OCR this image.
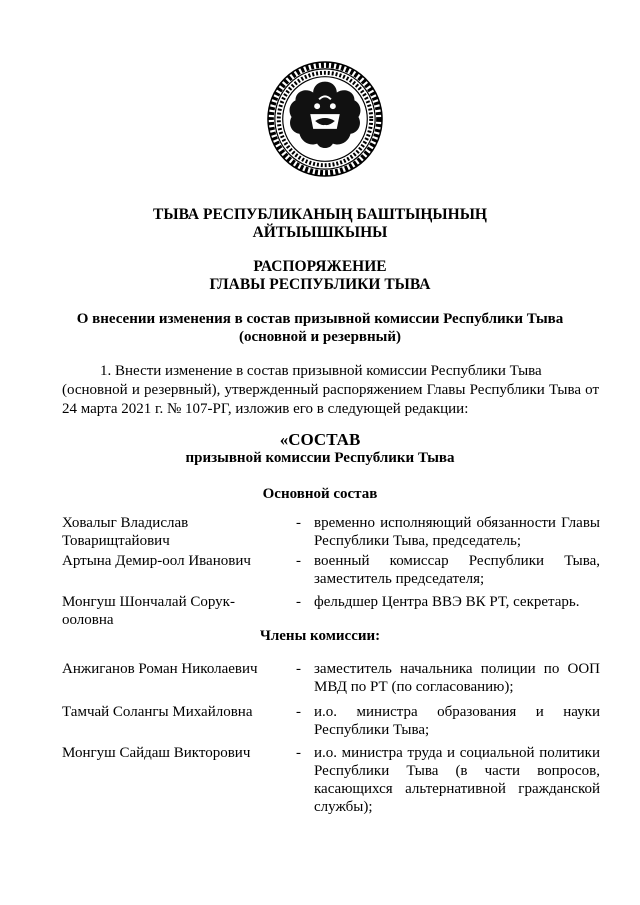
ТЫВА РЕСПУБЛИКАНЫҢ БАШТЫҢЫНЫҢ
АЙТЫЫШКЫНЫ
РАСПОРЯЖЕНИЕ
ГЛАВЫ РЕСПУБЛИКИ ТЫВА
О внесении изменения в состав призывной комиссии Республики Тыва
(основной и резервный)
1. Внести изменение в состав призывной комиссии Республики Тыва
(основной и резервный), утвержденный распоряжением Главы Республики Тыва от 24 марта 2021 г. № 107-РГ, изложив его в следующей редакции:
«СОСТАВ
призывной комиссии Республики Тыва
Основной состав
Ховалыг Владислав Товарищтайович
- временно исполняющий обязанности Главы Республики Тыва, председатель;
Артына Демир-оол Иванович	- военный комиссар Республики Тыва, заместитель председателя;
Монгуш Шончалай Сорук-ооловна
- фельдшер Центра ВВЭ ВК РТ, секретарь.
Члены комиссии:
Анжиганов Роман Николаевич	- заместитель начальника полиции по ООП МВД по РТ (по согласованию);
Тамчай Солангы Михайловна	- и.о. министра образования и науки Республики Тыва;
Монгуш Сайдаш Викторович	- и.о. министра труда и социальной политики Республики Тыва (в части вопросов, касающихся альтернативной гражданской службы);
